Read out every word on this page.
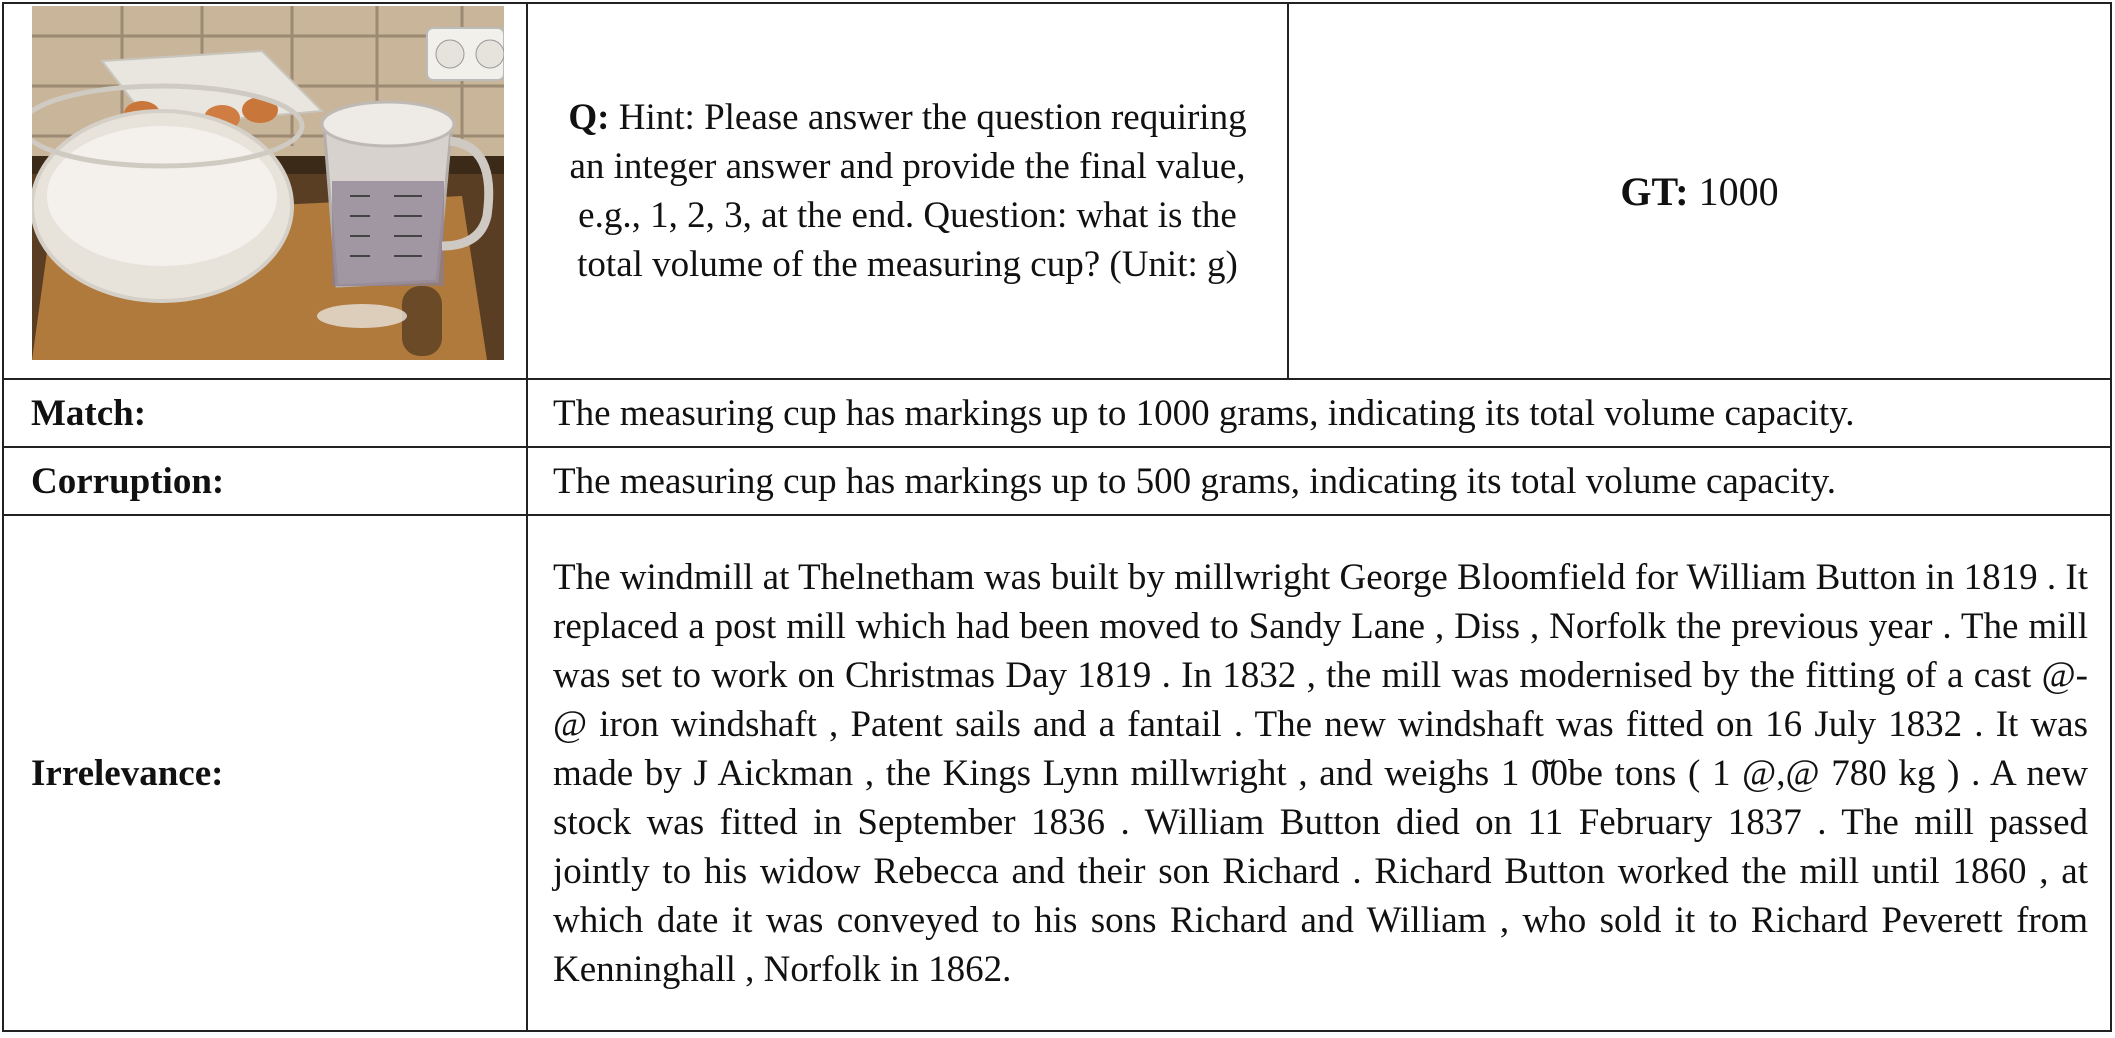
Q: Hint: Please answer the question requiring an integer answer and provide the final value, e.g., 1, 2, 3, at the end. Question: what is the total volume of the measuring cup? (Unit: g)
GT: 1000
Match:	The measuring cup has markings up to 1000 grams, indicating its total volume capacity.
Corruption:	The measuring cup has markings up to 500 grams, indicating its total volume capacity.
Irrelevance:
The windmill at Thelnetham was built by millwright George Bloomfield for William Button in 1819 . It replaced a post mill which had been moved to Sandy Lane , Diss , Norfolk the previous year . The mill was set to work on Christmas Day 1819 . In 1832 , the mill was modernised by the fitting of a cast @-@ iron windshaft , Patent sails and a fantail . The new windshaft was fitted on 16 July 1832 . It was made by J Aickman , the Kings Lynn millwright , and weighs 1 0̆0be tons ( 1 @,@ 780 kg ) . A new stock was fitted in September 1836 . William Button died on 11 February 1837 . The mill passed jointly to his widow Rebecca and their son Richard . Richard Button worked the mill until 1860 , at which date it was conveyed to his sons Richard and William , who sold it to Richard Peverett from Kenninghall , Norfolk in 1862.
